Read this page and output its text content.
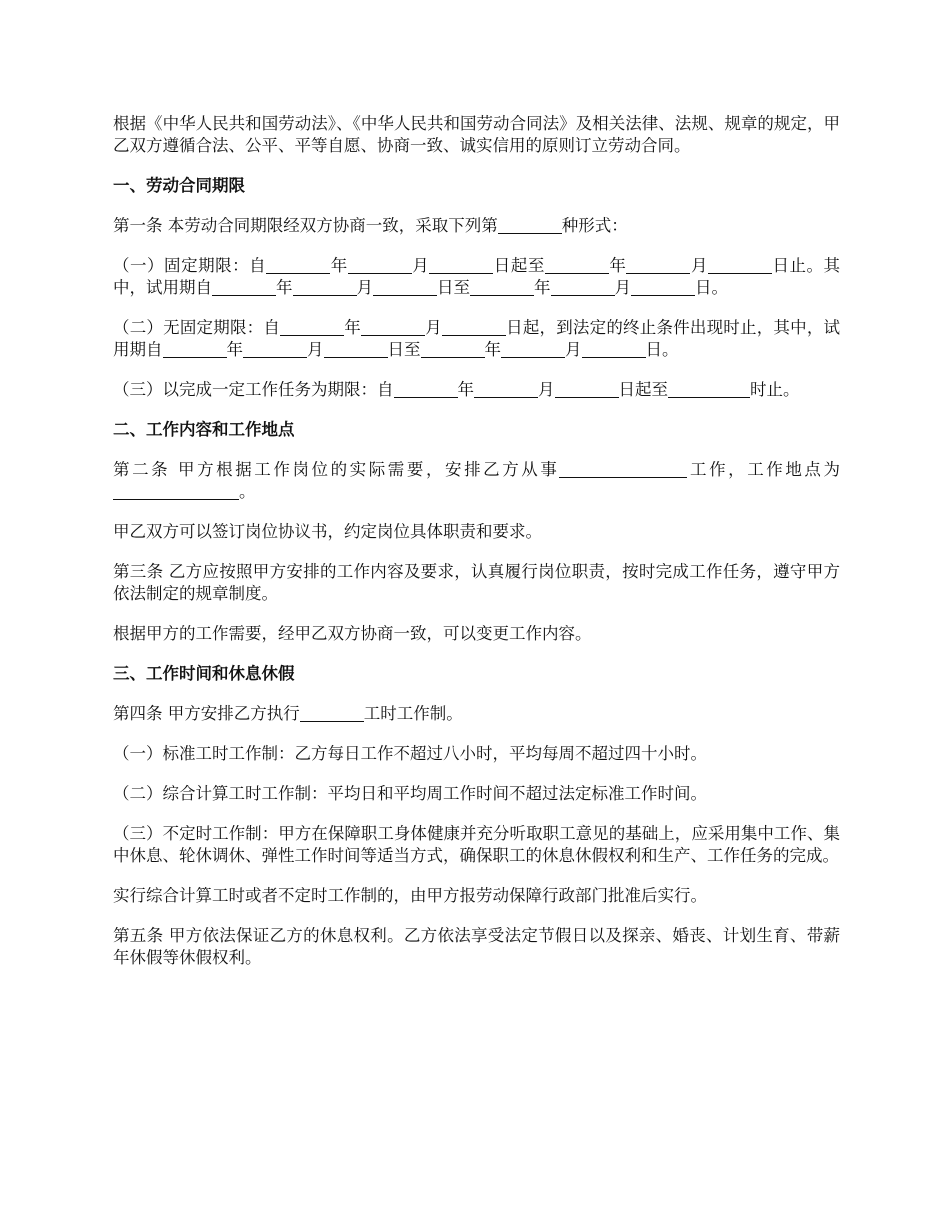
根据《中华人民共和国劳动法》、《中华人民共和国劳动合同法》及相关法律、法规、规章的规定，甲乙双方遵循合法、公平、平等自愿、协商一致、诚实信用的原则订立劳动合同。

一、劳动合同期限

第一条 本劳动合同期限经双方协商一致，采取下列第	种形式：

（一）固定期限：自	年	月	日起至	年	月	日止。其中，试用期自	年	月	日至	年	月	日。

（二）无固定期限：自	年	月	日起，到法定的终止条件出现时止，其中，试用期自	年	月	日至	年	月	日。

（三）以完成一定工作任务为期限：自	年	月	日起至	时止。

二、工作内容和工作地点

第二条 甲方根据工作岗位的实际需要，安排乙方从事	工作，工作地点为。

甲乙双方可以签订岗位协议书，约定岗位具体职责和要求。

第三条 乙方应按照甲方安排的工作内容及要求，认真履行岗位职责，按时完成工作任务，遵守甲方依法制定的规章制度。

根据甲方的工作需要，经甲乙双方协商一致，可以变更工作内容。

三、工作时间和休息休假

第四条 甲方安排乙方执行	工时工作制。

（一）标准工时工作制：乙方每日工作不超过八小时，平均每周不超过四十小时。

（二）综合计算工时工作制：平均日和平均周工作时间不超过法定标准工作时间。

（三）不定时工作制：甲方在保障职工身体健康并充分听取职工意见的基础上，应采用集中工作、集中休息、轮休调休、弹性工作时间等适当方式，确保职工的休息休假权利和生产、工作任务的完成。

实行综合计算工时或者不定时工作制的，由甲方报劳动保障行政部门批准后实行。

第五条 甲方依法保证乙方的休息权利。乙方依法享受法定节假日以及探亲、婚丧、计划生育、带薪年休假等休假权利。
